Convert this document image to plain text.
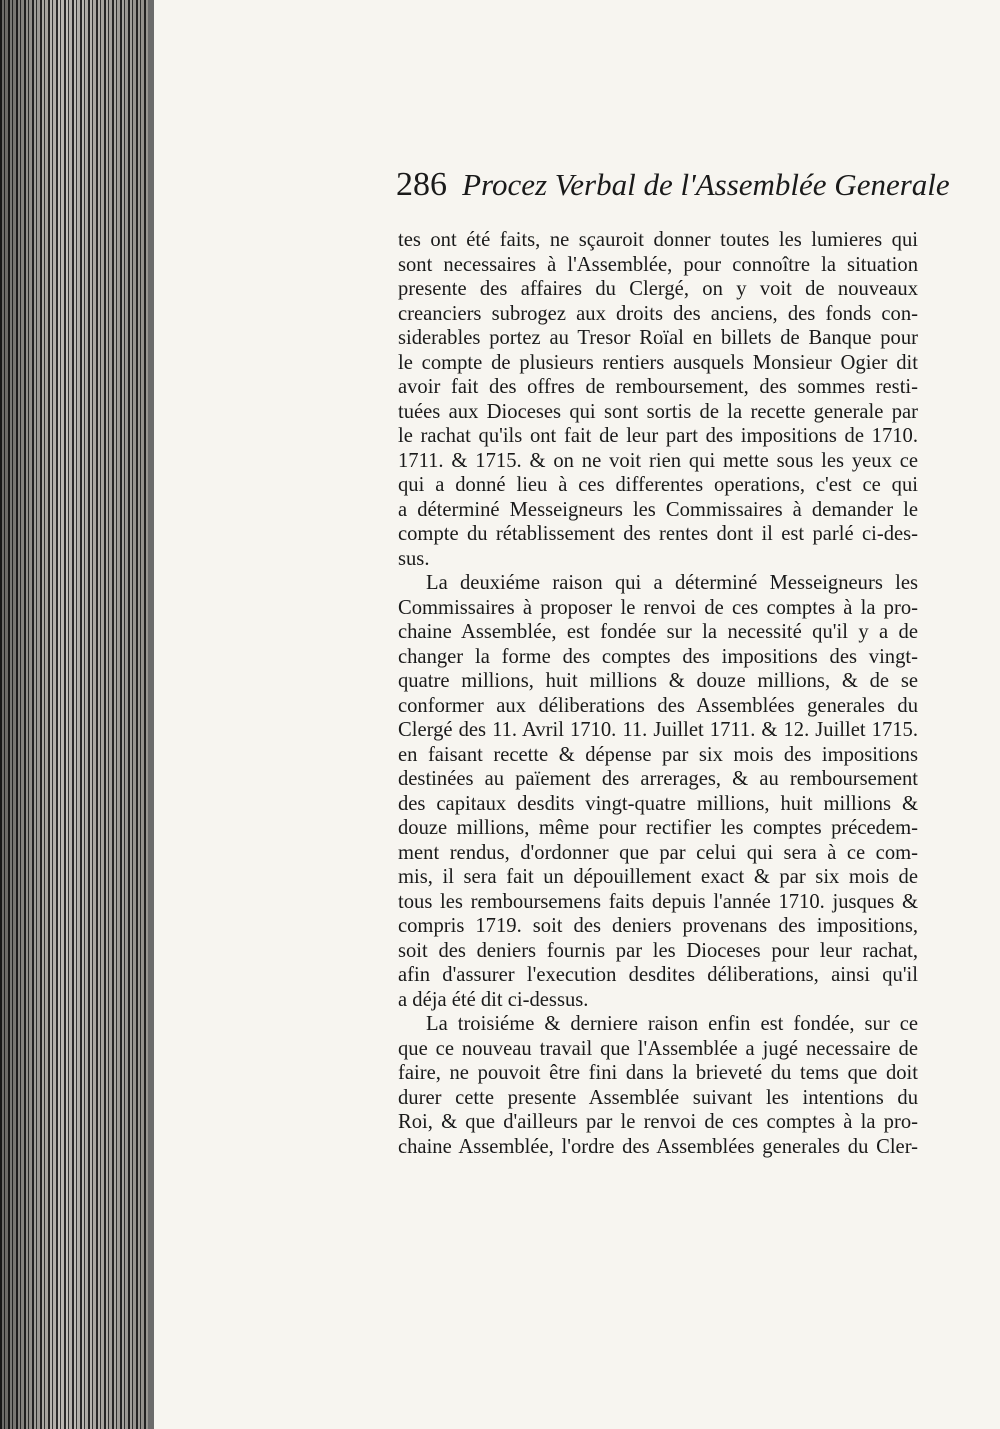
286 Procez Verbal de l'Assemblée Generale
tes ont été faits, ne sçauroit donner toutes les lumieres qui
sont necessaires à l'Assemblée, pour connoître la situation
presente des affaires du Clergé, on y voit de nouveaux
creanciers subrogez aux droits des anciens, des fonds con-
siderables portez au Tresor Roïal en billets de Banque pour
le compte de plusieurs rentiers ausquels Monsieur Ogier dit
avoir fait des offres de remboursement, des sommes resti-
tuées aux Dioceses qui sont sortis de la recette generale par
le rachat qu'ils ont fait de leur part des impositions de 1710.
1711. & 1715. & on ne voit rien qui mette sous les yeux ce
qui a donné lieu à ces differentes operations, c'est ce qui
a déterminé Messeigneurs les Commissaires à demander le
compte du rétablissement des rentes dont il est parlé ci-des-
sus.
La deuxiéme raison qui a déterminé Messeigneurs les
Commissaires à proposer le renvoi de ces comptes à la pro-
chaine Assemblée, est fondée sur la necessité qu'il y a de
changer la forme des comptes des impositions des vingt-
quatre millions, huit millions & douze millions, & de se
conformer aux déliberations des Assemblées generales du
Clergé des 11. Avril 1710. 11. Juillet 1711. & 12. Juillet 1715.
en faisant recette & dépense par six mois des impositions
destinées au païement des arrerages, & au remboursement
des capitaux desdits vingt-quatre millions, huit millions &
douze millions, même pour rectifier les comptes précedem-
ment rendus, d'ordonner que par celui qui sera à ce com-
mis, il sera fait un dépouillement exact & par six mois de
tous les remboursemens faits depuis l'année 1710. jusques &
compris 1719. soit des deniers provenans des impositions,
soit des deniers fournis par les Dioceses pour leur rachat,
afin d'assurer l'execution desdites déliberations, ainsi qu'il
a déja été dit ci-dessus.
La troisiéme & derniere raison enfin est fondée, sur ce
que ce nouveau travail que l'Assemblée a jugé necessaire de
faire, ne pouvoit être fini dans la brieveté du tems que doit
durer cette presente Assemblée suivant les intentions du
Roi, & que d'ailleurs par le renvoi de ces comptes à la pro-
chaine Assemblée, l'ordre des Assemblées generales du Cler-
